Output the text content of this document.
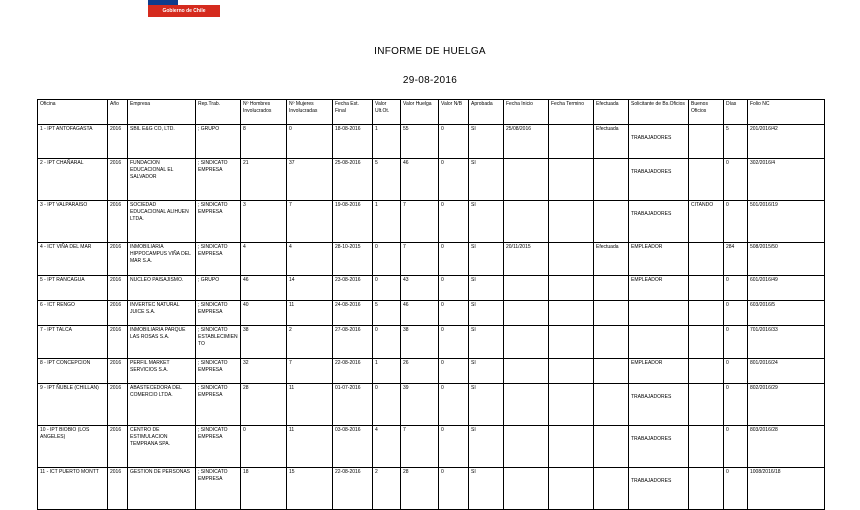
Gobierno de Chile
INFORME DE HUELGA
29-08-2016
Oficina	Año	Empresa	Rep.Trab.	Nº Hombres Involucrados	Nº Mujeres Involucradas	Fecha Est. Final	Valor Ult.Ot.	Valor Huelga	Valor N/B	Aprobada	Fecha Inicio	Fecha Termino	Efectuada	Solicitante de Bs.Oficios	Buenos Oficios	Días	Folio NC
1 - IPT ANTOFAGASTA	2016	SBIL E&G CO, LTD.	; GRUPO	8	0	18-08-2016	1	55	0	SI	25/08/2016		Efectuada	TRABAJADORES		5	201/2016/42
2 - IPT CHAÑARAL	2016	FUNDACION EDUCACIONAL EL SALVADOR	; SINDICATO EMPRESA	21	37	25-08-2016	5	46	0	SI				TRABAJADORES		0	302/2016/4
3 - IPT VALPARAISO	2016	SOCIEDAD EDUCACIONAL ALIHUEN LTDA.	; SINDICATO EMPRESA	3	7	19-08-2016	1	7	0	SI				TRABAJADORES	CITANDO	0	501/2016/19
4 - ICT VIÑA DEL MAR	2016	INMOBILIARIA HIPPOCAMPUS VIÑA DEL MAR S.A.	; SINDICATO EMPRESA	4	4	28-10-2015	0	7	0	SI	20/11/2015		Efectuada	EMPLEADOR		284	508/2015/50
5 - IPT RANCAGUA	2016	NUCLEO PAISAJISMO.	; GRUPO	46	14	23-08-2016	0	43	0	SI				EMPLEADOR		0	601/2016/49
6 - ICT RENGO	2016	INVERTEC NATURAL JUICE S.A.	; SINDICATO EMPRESA	40	11	24-08-2016	5	46	0	SI						0	603/2016/5
7 - IPT TALCA	2016	INMOBILIARIA PARQUE LAS ROSAS S.A.	; SINDICATO ESTABLECIMIENTO	38	2	27-08-2016	0	38	0	SI						0	701/2016/33
8 - IPT CONCEPCION	2016	PERFIL MARKET SERVICIOS S.A.	; SINDICATO EMPRESA	32	7	22-08-2016	1	26	0	SI				EMPLEADOR		0	801/2016/24
9 - IPT ÑUBLE (CHILLAN)	2016	ABASTECEDORA DEL COMERCIO LTDA.	; SINDICATO EMPRESA	28	11	01-07-2016	0	39	0	SI				TRABAJADORES		0	802/2016/29
10 - IPT BIOBIO (LOS ANGELES)	2016	CENTRO DE ESTIMULACION TEMPRANA SPA.	; SINDICATO EMPRESA	0	11	03-08-2016	4	7	0	SI				TRABAJADORES		0	803/2016/28
11 - ICT PUERTO MONTT	2016	GESTION DE PERSONAS	; SINDICATO EMPRESA	18	15	22-08-2016	2	28	0	SI				TRABAJADORES		0	1008/2016/18
